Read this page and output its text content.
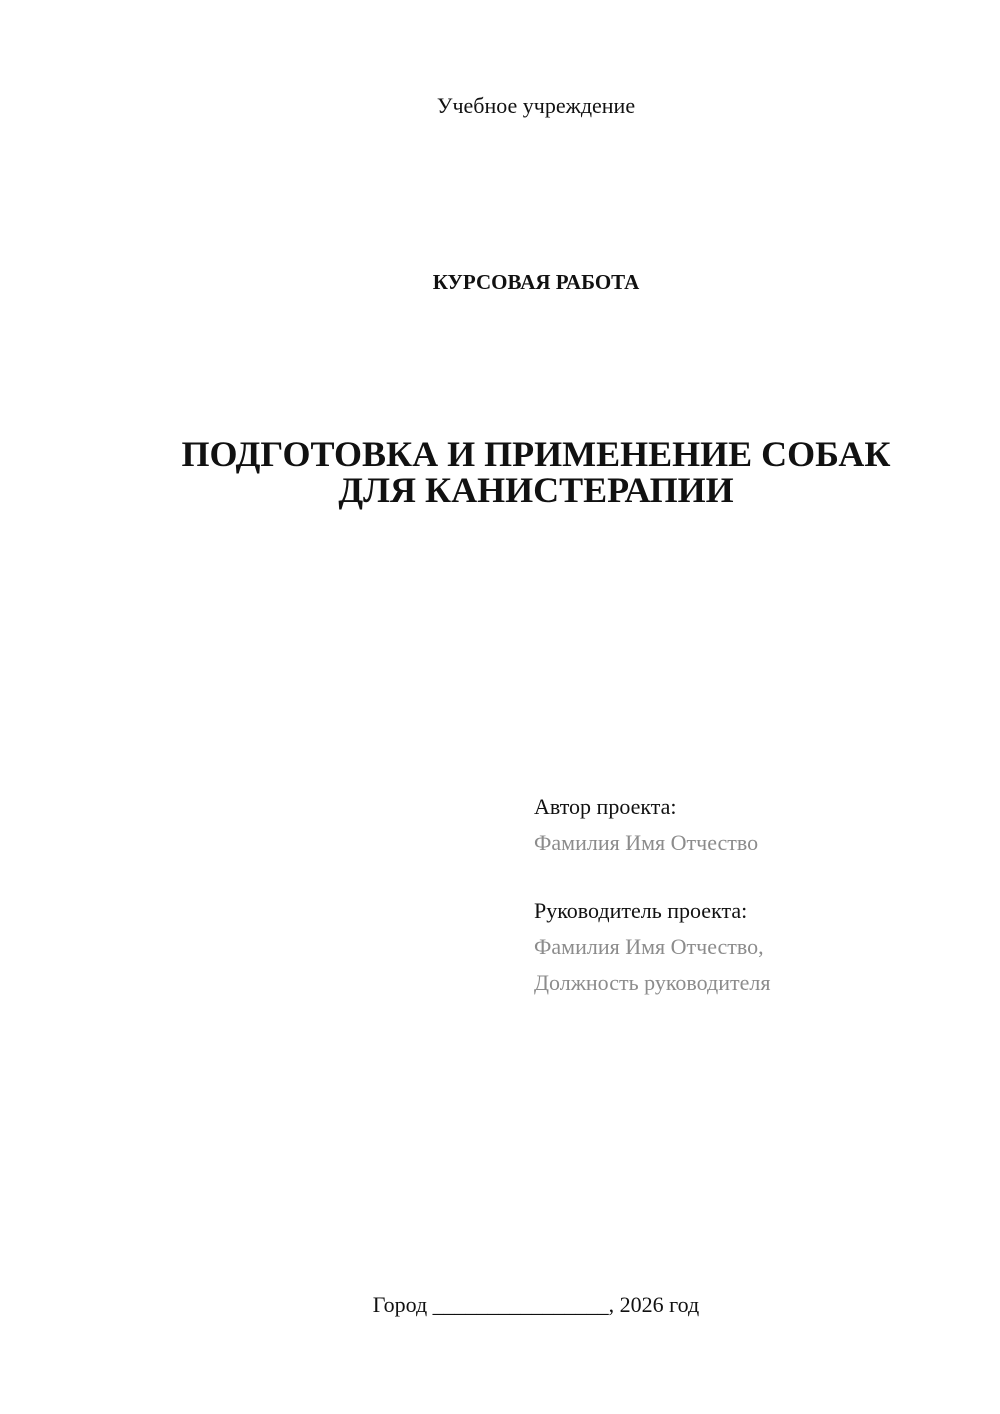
Учебное учреждение
КУРСОВАЯ РАБОТА
ПОДГОТОВКА И ПРИМЕНЕНИЕ СОБАК
ДЛЯ КАНИСТЕРАПИИ
Автор проекта:
Фамилия Имя Отчество
Руководитель проекта:
Фамилия Имя Отчество,
Должность руководителя
Город ________________, 2026 год
